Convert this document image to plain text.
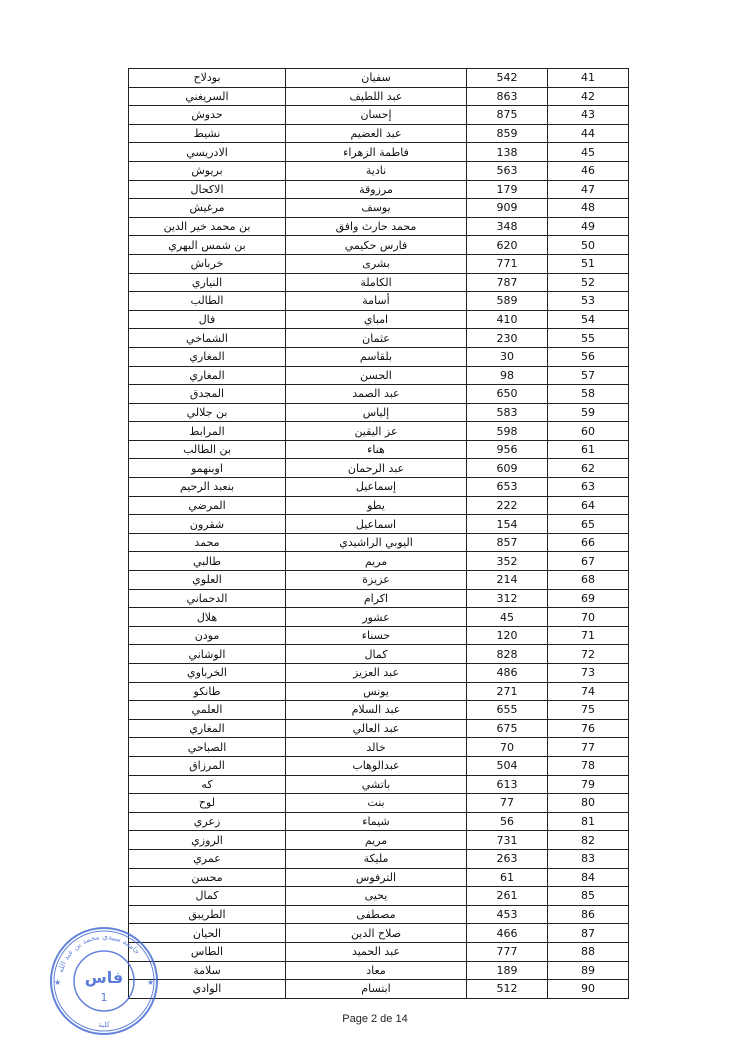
بودلاح	سفيان	542	41
السريغني	عبد اللطيف	863	42
حدوش	إحسان	875	43
نشيط	عبد العضيم	859	44
الادريسي	فاطمة الزهراء	138	45
بريوش	نادية	563	46
الاكحال	مرزوقة	179	47
مرغيش	يوسف	909	48
بن محمد خير الدين	محمد حارث وافق	348	49
بن شمس البهري	فارس حكيمي	620	50
خرباش	بشرى	771	51
النياري	الكاملة	787	52
الطالب	أسامة	589	53
فال	امباي	410	54
الشماخي	عثمان	230	55
المغاري	بلقاسم	30	56
المغاري	الحسن	98	57
المجدق	عبد الصمد	650	58
بن جلالي	إلياس	583	59
المرابط	عز اليقين	598	60
بن الطالب	هناء	956	61
اوبنهمو	عبد الرحمان	609	62
بنعبد الرحيم	إسماعيل	653	63
المرضي	يطو	222	64
شقرون	اسماعيل	154	65
محمد	اليوبي الراشيدي	857	66
طالبي	مريم	352	67
العلوي	عزيزة	214	68
الدحماني	اكرام	312	69
هلال	عشور	45	70
مودن	حسناء	120	71
الوشاني	كمال	828	72
الخرباوي	عبد العزيز	486	73
طانكو	يونس	271	74
العلمي	عبد السلام	655	75
المغاري	عبد العالي	675	76
الصباحي	خالد	70	77
المرزاق	عبدالوهاب	504	78
كه	باتشي	613	79
لوح	بنت	77	80
زعري	شيماء	56	81
الروزي	مريم	731	82
عمري	مليكة	263	83
محسن	الترفوس	61	84
كمال	يحيى	261	85
الطريبق	مصطفى	453	86
الحيان	صلاح الدين	466	87
الطاس	عبد الحميد	777	88
سلامة	معاد	189	89
الوادي	ابتسام	512	90
★	★
جامعة سيدي محمد بن عبد الله
فاس
1
كلية	Page 2 de 14
